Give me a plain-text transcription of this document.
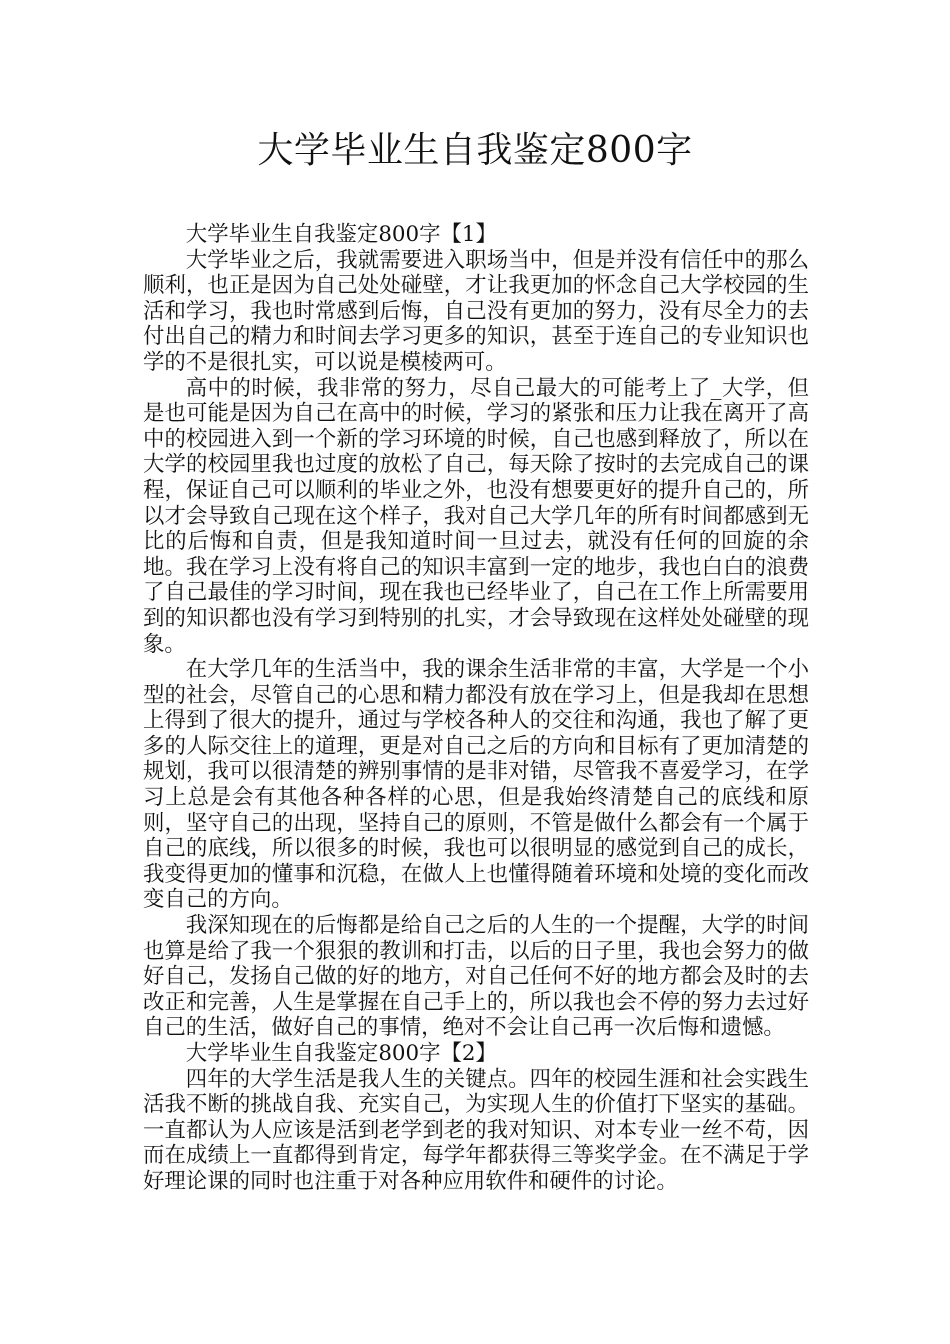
大学毕业生自我鉴定800字

大学毕业生自我鉴定800字【1】

大学毕业之后，我就需要进入职场当中，但是并没有信任中的那么顺利，也正是因为自己处处碰壁，才让我更加的怀念自己大学校园的生活和学习，我也时常感到后悔，自己没有更加的努力，没有尽全力的去付出自己的精力和时间去学习更多的知识，甚至于连自己的专业知识也学的不是很扎实，可以说是模棱两可。

高中的时候，我非常的努力，尽自己最大的可能考上了_大学，但是也可能是因为自己在高中的时候，学习的紧张和压力让我在离开了高中的校园进入到一个新的学习环境的时候，自己也感到释放了，所以在大学的校园里我也过度的放松了自己，每天除了按时的去完成自己的课程，保证自己可以顺利的毕业之外，也没有想要更好的提升自己的，所以才会导致自己现在这个样子，我对自己大学几年的所有时间都感到无比的后悔和自责，但是我知道时间一旦过去，就没有任何的回旋的余地。我在学习上没有将自己的知识丰富到一定的地步，我也白白的浪费了自己最佳的学习时间，现在我也已经毕业了，自己在工作上所需要用到的知识都也没有学习到特别的扎实，才会导致现在这样处处碰壁的现象。

在大学几年的生活当中，我的课余生活非常的丰富，大学是一个小型的社会，尽管自己的心思和精力都没有放在学习上，但是我却在思想上得到了很大的提升，通过与学校各种人的交往和沟通，我也了解了更多的人际交往上的道理，更是对自己之后的方向和目标有了更加清楚的规划，我可以很清楚的辨别事情的是非对错，尽管我不喜爱学习，在学习上总是会有其他各种各样的心思，但是我始终清楚自己的底线和原则，坚守自己的出现，坚持自己的原则，不管是做什么都会有一个属于自己的底线，所以很多的时候，我也可以很明显的感觉到自己的成长，我变得更加的懂事和沉稳，在做人上也懂得随着环境和处境的变化而改变自己的方向。

我深知现在的后悔都是给自己之后的人生的一个提醒，大学的时间也算是给了我一个狠狠的教训和打击，以后的日子里，我也会努力的做好自己，发扬自己做的好的地方，对自己任何不好的地方都会及时的去改正和完善，人生是掌握在自己手上的，所以我也会不停的努力去过好自己的生活，做好自己的事情，绝对不会让自己再一次后悔和遗憾。

大学毕业生自我鉴定800字【2】

四年的大学生活是我人生的关键点。四年的校园生涯和社会实践生活我不断的挑战自我、充实自己，为实现人生的价值打下坚实的基础。一直都认为人应该是活到老学到老的我对知识、对本专业一丝不苟，因而在成绩上一直都得到肯定，每学年都获得三等奖学金。在不满足于学好理论课的同时也注重于对各种应用软件和硬件的讨论。
